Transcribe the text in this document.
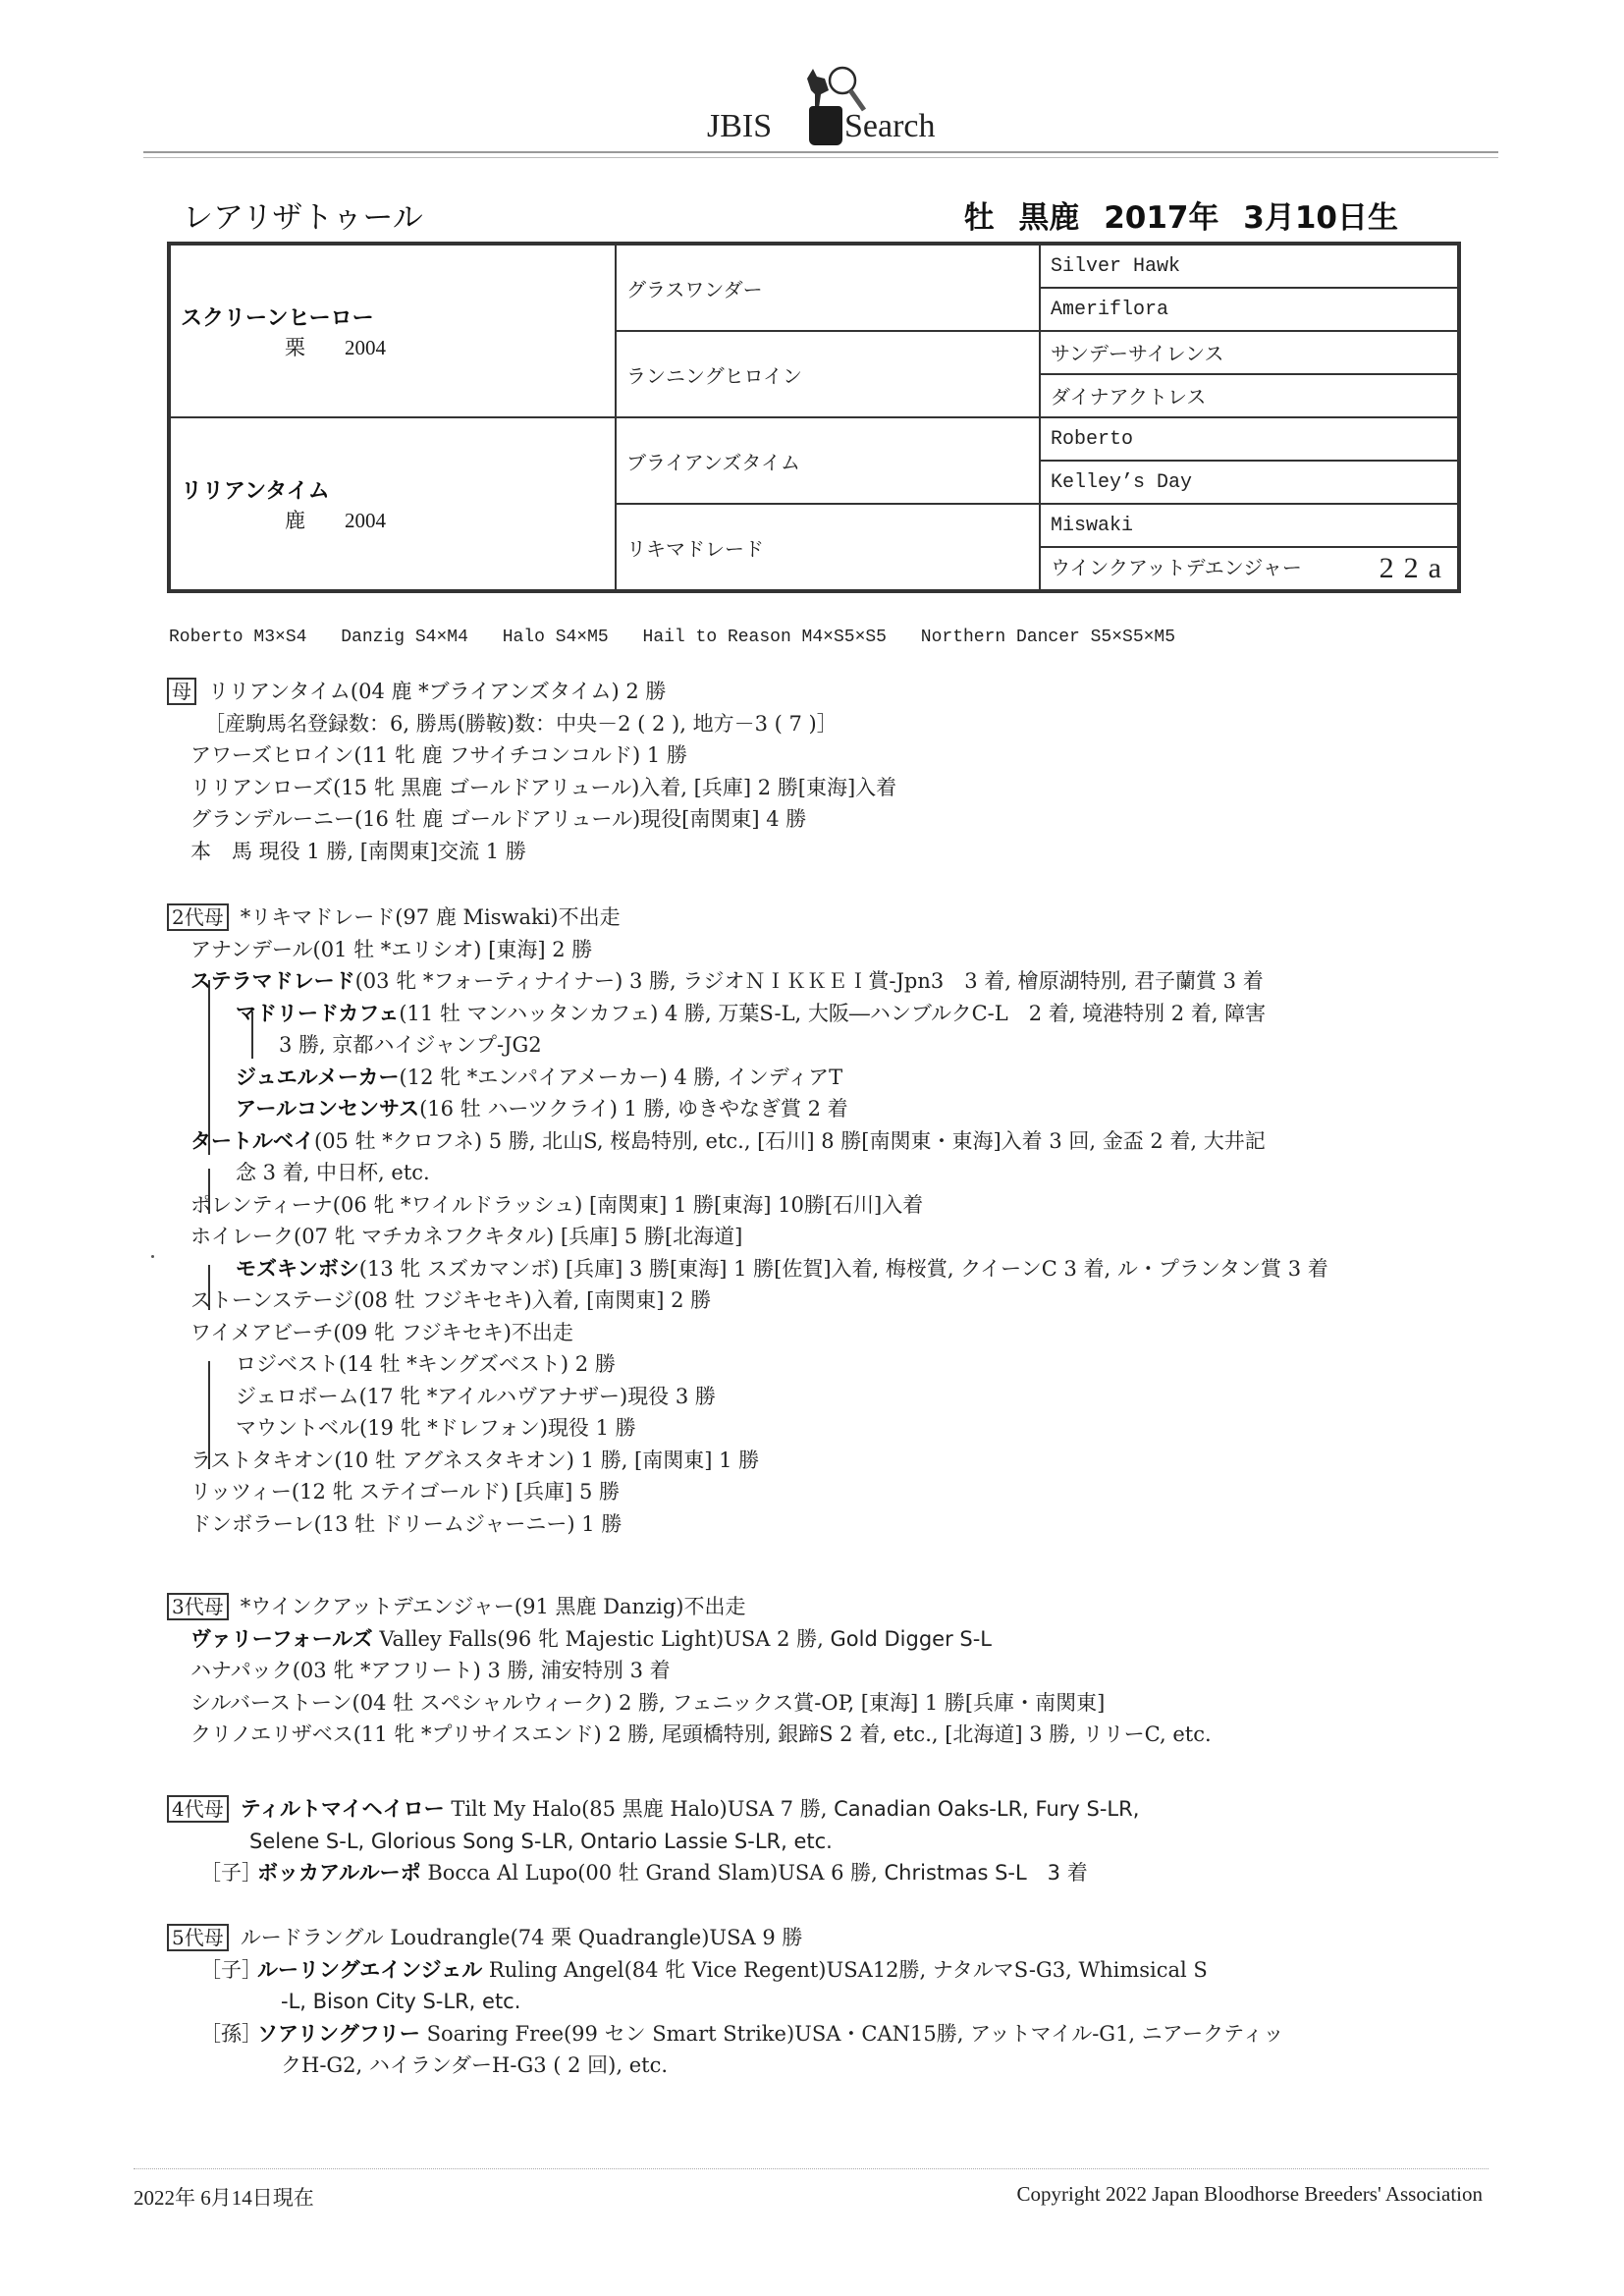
JBIS Search
レアリザトゥール	牡 黒鹿 2017年 3月10日生
スクリーンヒーロー
栗 2004	グラスワンダー	Silver Hawk
		Ameriflora
	ランニングヒロイン	サンデーサイレンス
		ダイナアクトレス

リリアンタイム
鹿 2004	ブライアンズタイム	Roberto
		Kelley’s Day
	リキマドレード	Miswaki
		ウインクアットデエンジャー 22a
Roberto M3×S4 Danzig S4×M4 Halo S4×M5 Hail to Reason M4×S5×S5 Northern Dancer S5×S5×M5
母 リリアンタイム(04 鹿 *ブライアンズタイム) 2 勝
［産駒馬名登録数：6, 勝馬(勝鞍)数：中央－2 ( 2 ), 地方－3 ( 7 )］
アワーズヒロイン(11 牝 鹿 フサイチコンコルド) 1 勝
リリアンローズ(15 牝 黒鹿 ゴールドアリュール)入着, [兵庫] 2 勝[東海]入着
グランデルーニー(16 牡 鹿 ゴールドアリュール)現役[南関東] 4 勝
本　馬 現役 1 勝, [南関東]交流 1 勝
2代母 *リキマドレード(97 鹿 Miswaki)不出走
アナンデール(01 牡 *エリシオ) [東海] 2 勝
ステラマドレード(03 牝 *フォーティナイナー) 3 勝, ラジオＮＩＫＫＥＩ賞-Jpn3　3 着, 檜原湖特別, 君子蘭賞 3 着
マドリードカフェ(11 牡 マンハッタンカフェ) 4 勝, 万葉S-L, 大阪―ハンブルクC-L　2 着, 境港特別 2 着, 障害
3 勝, 京都ハイジャンプ-JG2
ジュエルメーカー(12 牝 *エンパイアメーカー) 4 勝, インディアT
アールコンセンサス(16 牡 ハーツクライ) 1 勝, ゆきやなぎ賞 2 着
タートルベイ(05 牡 *クロフネ) 5 勝, 北山S, 桜島特別, etc., [石川] 8 勝[南関東・東海]入着 3 回, 金盃 2 着, 大井記
念 3 着, 中日杯, etc.
ポレンティーナ(06 牝 *ワイルドラッシュ) [南関東] 1 勝[東海] 10勝[石川]入着
ホイレーク(07 牝 マチカネフクキタル) [兵庫] 5 勝[北海道]
モズキンボシ(13 牝 スズカマンボ) [兵庫] 3 勝[東海] 1 勝[佐賀]入着, 梅桜賞, クイーンC 3 着, ル・プランタン賞 3 着
ストーンステージ(08 牡 フジキセキ)入着, [南関東] 2 勝
ワイメアビーチ(09 牝 フジキセキ)不出走
ロジベスト(14 牡 *キングズベスト) 2 勝
ジェロボーム(17 牝 *アイルハヴアナザー)現役 3 勝
マウントベル(19 牝 *ドレフォン)現役 1 勝
ラストタキオン(10 牡 アグネスタキオン) 1 勝, [南関東] 1 勝
リッツィー(12 牝 ステイゴールド) [兵庫] 5 勝
ドンボラーレ(13 牡 ドリームジャーニー) 1 勝
3代母 *ウインクアットデエンジャー(91 黒鹿 Danzig)不出走
ヴァリーフォールズ Valley Falls(96 牝 Majestic Light)USA 2 勝, Gold Digger S-L
ハナパック(03 牝 *アフリート) 3 勝, 浦安特別 3 着
シルバーストーン(04 牡 スペシャルウィーク) 2 勝, フェニックス賞-OP, [東海] 1 勝[兵庫・南関東]
クリノエリザベス(11 牝 *プリサイスエンド) 2 勝, 尾頭橋特別, 銀蹄S 2 着, etc., [北海道] 3 勝, リリーC, etc.
4代母 ティルトマイヘイロー Tilt My Halo(85 黒鹿 Halo)USA 7 勝, Canadian Oaks-LR, Fury S-LR,
Selene S-L, Glorious Song S-LR, Ontario Lassie S-LR, etc.
［子］ボッカアルルーポ Bocca Al Lupo(00 牡 Grand Slam)USA 6 勝, Christmas S-L　3 着
5代母 ルードラングル Loudrangle(74 栗 Quadrangle)USA 9 勝
［子］ルーリングエインジェル Ruling Angel(84 牝 Vice Regent)USA12勝, ナタルマS-G3, Whimsical S
-L, Bison City S-LR, etc.
［孫］ソアリングフリー Soaring Free(99 セン Smart Strike)USA・CAN15勝, アットマイル-G1, ニアークティッ
クH-G2, ハイランダーH-G3 ( 2 回), etc.
2022年 6月14日現在	Copyright 2022 Japan Bloodhorse Breeders' Association
